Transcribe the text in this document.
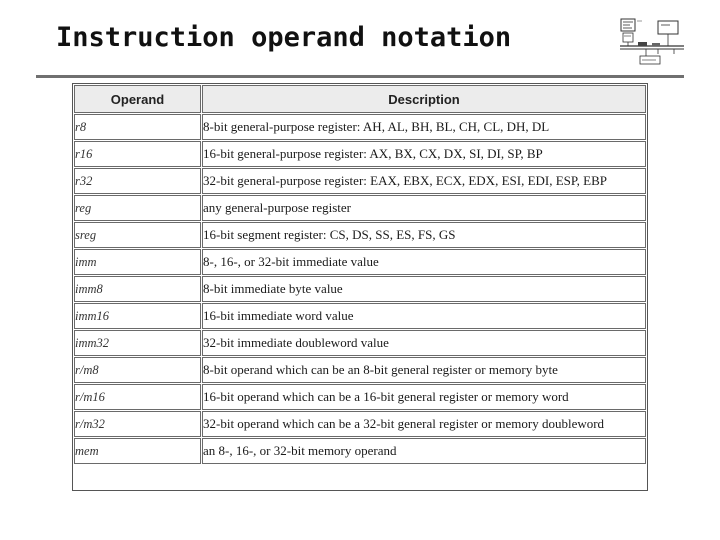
Instruction operand notation
Operand	Description
r8	8-bit general-purpose register: AH, AL, BH, BL, CH, CL, DH, DL
r16	16-bit general-purpose register: AX, BX, CX, DX, SI, DI, SP, BP
r32	32-bit general-purpose register: EAX, EBX, ECX, EDX, ESI, EDI, ESP, EBP
reg	any general-purpose register
sreg	16-bit segment register: CS, DS, SS, ES, FS, GS
imm	8-, 16-, or 32-bit immediate value
imm8	8-bit immediate byte value
imm16	16-bit immediate word value
imm32	32-bit immediate doubleword value
r/m8	8-bit operand which can be an 8-bit general register or memory byte
r/m16	16-bit operand which can be a 16-bit general register or memory word
r/m32	32-bit operand which can be a 32-bit general register or memory doubleword
mem	an 8-, 16-, or 32-bit memory operand
